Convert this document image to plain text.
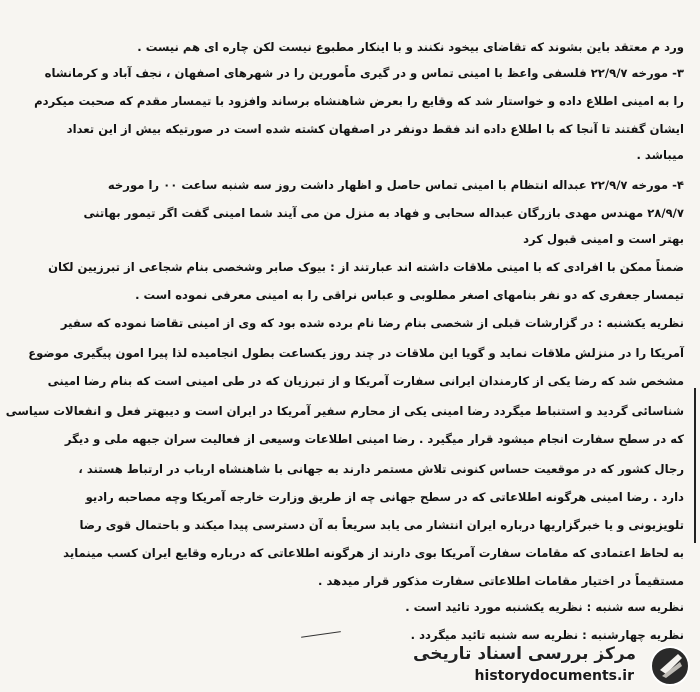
ورد م معتقد باین بشوند که تقاضای بیخود نکنند و با اینکار مطبوع نیست لکن چاره ای هم نیست .
۳- مورخه ۲۲/۹/۷ فلسفی واعظ با امینی تماس و در گیری ماًمورین را در شهرهای اصفهان ، نجف آباد و کرمانشاه
را به امینی اطلاع داده و خواستار شد که وقایع را بعرض شاهنشاه برساند وافزود با تیمسار مقدم که صحبت میکردم
ایشان گفتند تا آنجا که با اطلاع داده اند فقط دونفر در اصفهان کشته شده است در صورتیکه بیش از این تعداد
میباشد .
۴- مورخه ۲۲/۹/۷ عبداله انتظام با امینی تماس حاصل و اظهار داشت روز سه شنبه ساعت ۰۰ را مورخه
۲۸/۹/۷ مهندس مهدی بازرگان عبداله سحابی و فهاد به منزل من می آیند شما امینی گفت اگر تیمور بهاتنی
بهتر است و امینی قبول کرد
ضمناً ممکن با افرادی که با امینی ملاقات داشته اند عبارتند از : بیوک صابر وشخصی بنام شجاعی از تبرزیین لکان
تیمسار جعفری که دو نفر بنامهای اصغر مطلوبی و عباس نراقی را به امینی معرفی نموده است .
نظریه یکشنبه : در گزارشات قبلی از شخصی بنام رضا نام برده شده بود که وی از امینی تقاضا نموده که سفیر
آمریکا را در منزلش ملاقات نماید و گویا این ملاقات در چند روز یکساعت بطول انجامیده لذا پیرا امون پیگیری موضوع
مشخص شد که رضا یکی از کارمندان ایرانی سفارت آمریکا و از تبرزیان که در طی امینی است که بنام رضا امینی
شناسائی گردید و استنباط میگردد رضا امینی یکی از محارم سفیر آمریکا در ایران است و دیبهتر فعل و انفعالات سیاسی
که در سطح سفارت انجام میشود قرار میگیرد . رضا امینی اطلاعات وسیعی از فعالیت سران جبهه ملی و دیگر
رجال کشور که در موقعیت حساس کنونی تلاش مستمر دارند به جهانی با شاهنشاه ارباب در ارتباط هستند ،
دارد . رضا امینی هرگونه اطلاعاتی که در سطح جهانی چه از طریق وزارت خارجه آمریکا وچه مصاحبه رادیو
تلویزیونی و یا خبرگزاریها درباره ایران انتشار می یابد سریعاً به آن دسترسی پیدا میکند و باحتمال قوی رضا
به لحاظ اعتمادی که مقامات سفارت آمریکا بوی دارند از هرگونه اطلاعاتی که درباره وقایع ایران کسب مینماید
مستقیماً در اختیار مقامات اطلاعاتی سفارت مذکور قرار میدهد .
نظریه سه شنبه : نظریه یکشنبه مورد تائید است .
نظریه چهارشنبه : نظریه سه شنبه تائید میگردد .
مرکز بررسی اسناد تاریخی
historydocuments.ir
